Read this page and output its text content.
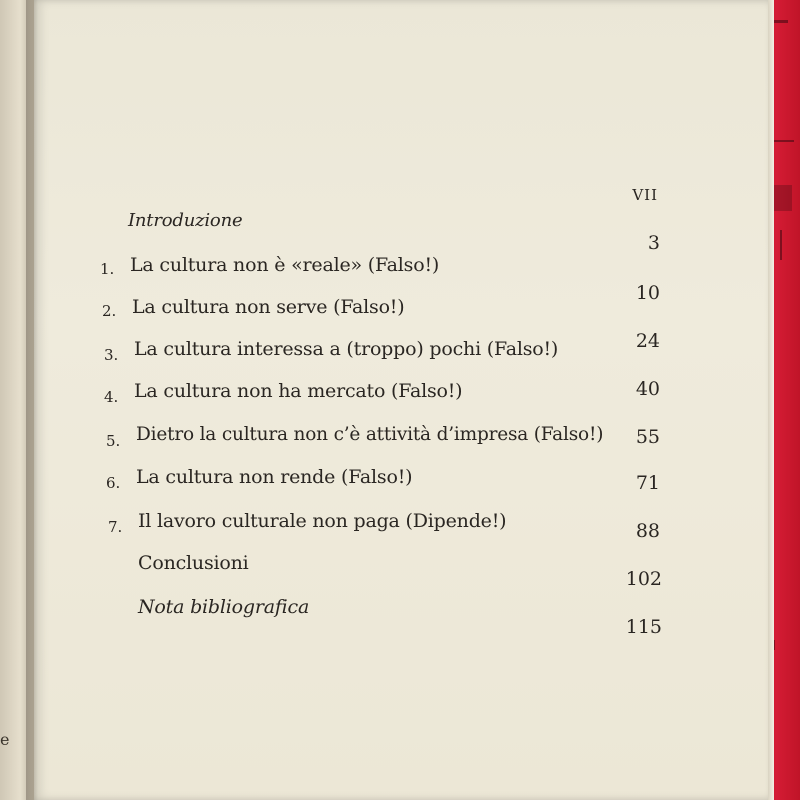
e
VII
Introduzione
3
1. La cultura non è «reale» (Falso!)
10
2. La cultura non serve (Falso!)
24
3. La cultura interessa a (troppo) pochi (Falso!)
40
4. La cultura non ha mercato (Falso!)
55
5. Dietro la cultura non c’è attività d’impresa (Falso!)
71
6. La cultura non rende (Falso!)
88
7. Il lavoro culturale non paga (Dipende!)
Conclusioni
102
Nota bibliografica
115
